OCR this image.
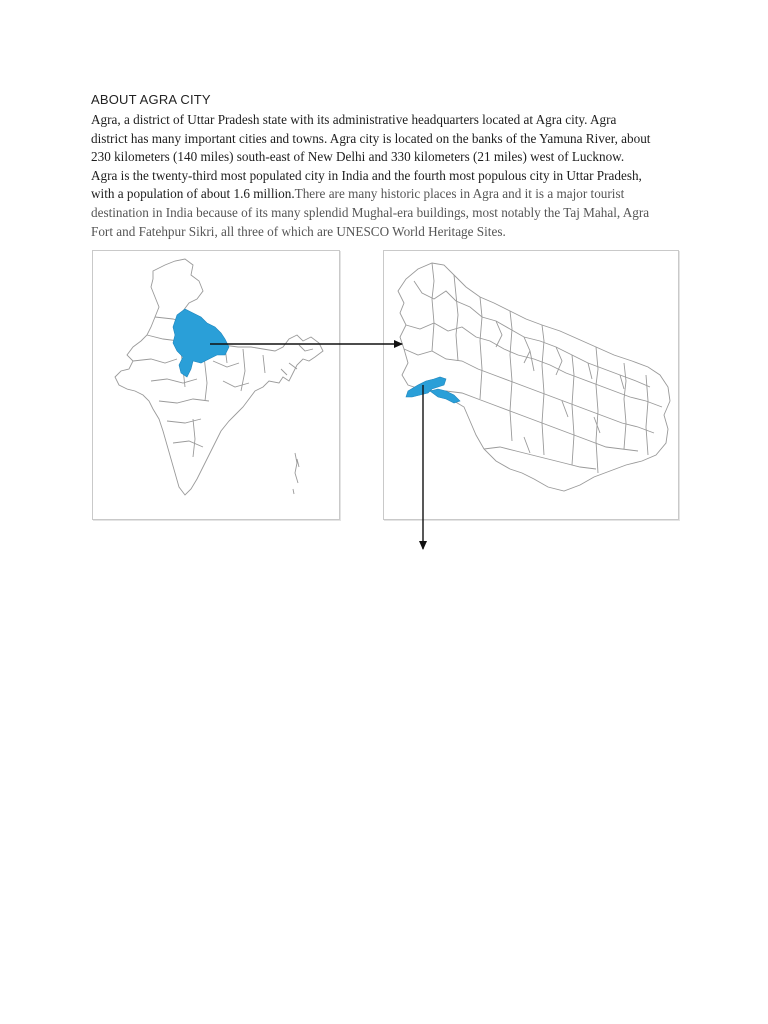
ABOUT AGRA CITY
Agra, a district of Uttar Pradesh state with its administrative headquarters located at Agra city. Agra
district has many important cities and towns. Agra city is located on the banks of the Yamuna River, about
230 kilometers (140 miles) south-east of New Delhi and 330 kilometers (21 miles) west of Lucknow.
Agra is the twenty-third most populated city in India and the fourth most populous city in Uttar Pradesh,
with a population of about 1.6 million.There are many historic places in Agra and it is a major tourist
destination in India because of its many splendid Mughal-era buildings, most notably the Taj Mahal, Agra
Fort and Fatehpur Sikri, all three of which are UNESCO World Heritage Sites.
